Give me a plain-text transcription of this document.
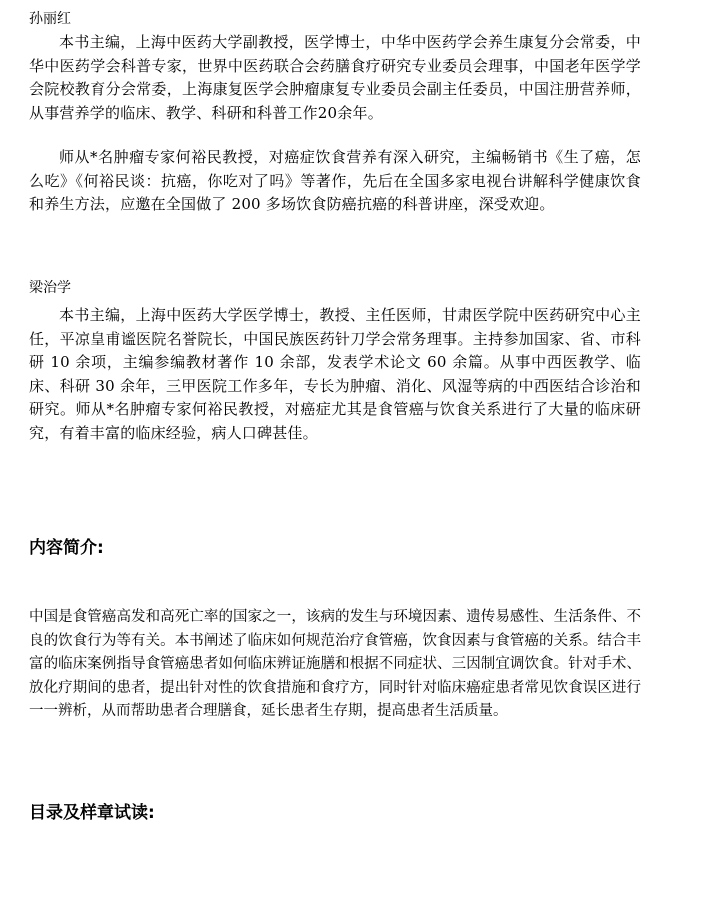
孙丽红

本书主编，上海中医药大学副教授，医学博士，中华中医药学会养生康复分会常委，中华中医药学会科普专家，世界中医药联合会药膳食疗研究专业委员会理事，中国老年医学学会院校教育分会常委，上海康复医学会肿瘤康复专业委员会副主任委员，中国注册营养师，从事营养学的临床、教学、科研和科普工作20余年。

师从*名肿瘤专家何裕民教授，对癌症饮食营养有深入研究，主编畅销书《生了癌，怎么吃》《何裕民谈：抗癌，你吃对了吗》等著作，先后在全国多家电视台讲解科学健康饮食和养生方法，应邀在全国做了 200 多场饮食防癌抗癌的科普讲座，深受欢迎。

梁治学

本书主编，上海中医药大学医学博士，教授、主任医师，甘肃医学院中医药研究中心主任，平凉皇甫谧医院名誉院长，中国民族医药针刀学会常务理事。主持参加国家、省、市科研 10 余项，主编参编教材著作 10 余部，发表学术论文 60 余篇。从事中西医教学、临床、科研 30 余年，三甲医院工作多年，专长为肿瘤、消化、风湿等病的中西医结合诊治和研究。师从*名肿瘤专家何裕民教授，对癌症尤其是食管癌与饮食关系进行了大量的临床研究，有着丰富的临床经验，病人口碑甚佳。

内容简介:

中国是食管癌高发和高死亡率的国家之一，该病的发生与环境因素、遗传易感性、生活条件、不良的饮食行为等有关。本书阐述了临床如何规范治疗食管癌，饮食因素与食管癌的关系。结合丰富的临床案例指导食管癌患者如何临床辨证施膳和根据不同症状、三因制宜调饮食。针对手术、放化疗期间的患者，提出针对性的饮食措施和食疗方，同时针对临床癌症患者常见饮食误区进行一一辨析，从而帮助患者合理膳食，延长患者生存期，提高患者生活质量。

目录及样章试读:
